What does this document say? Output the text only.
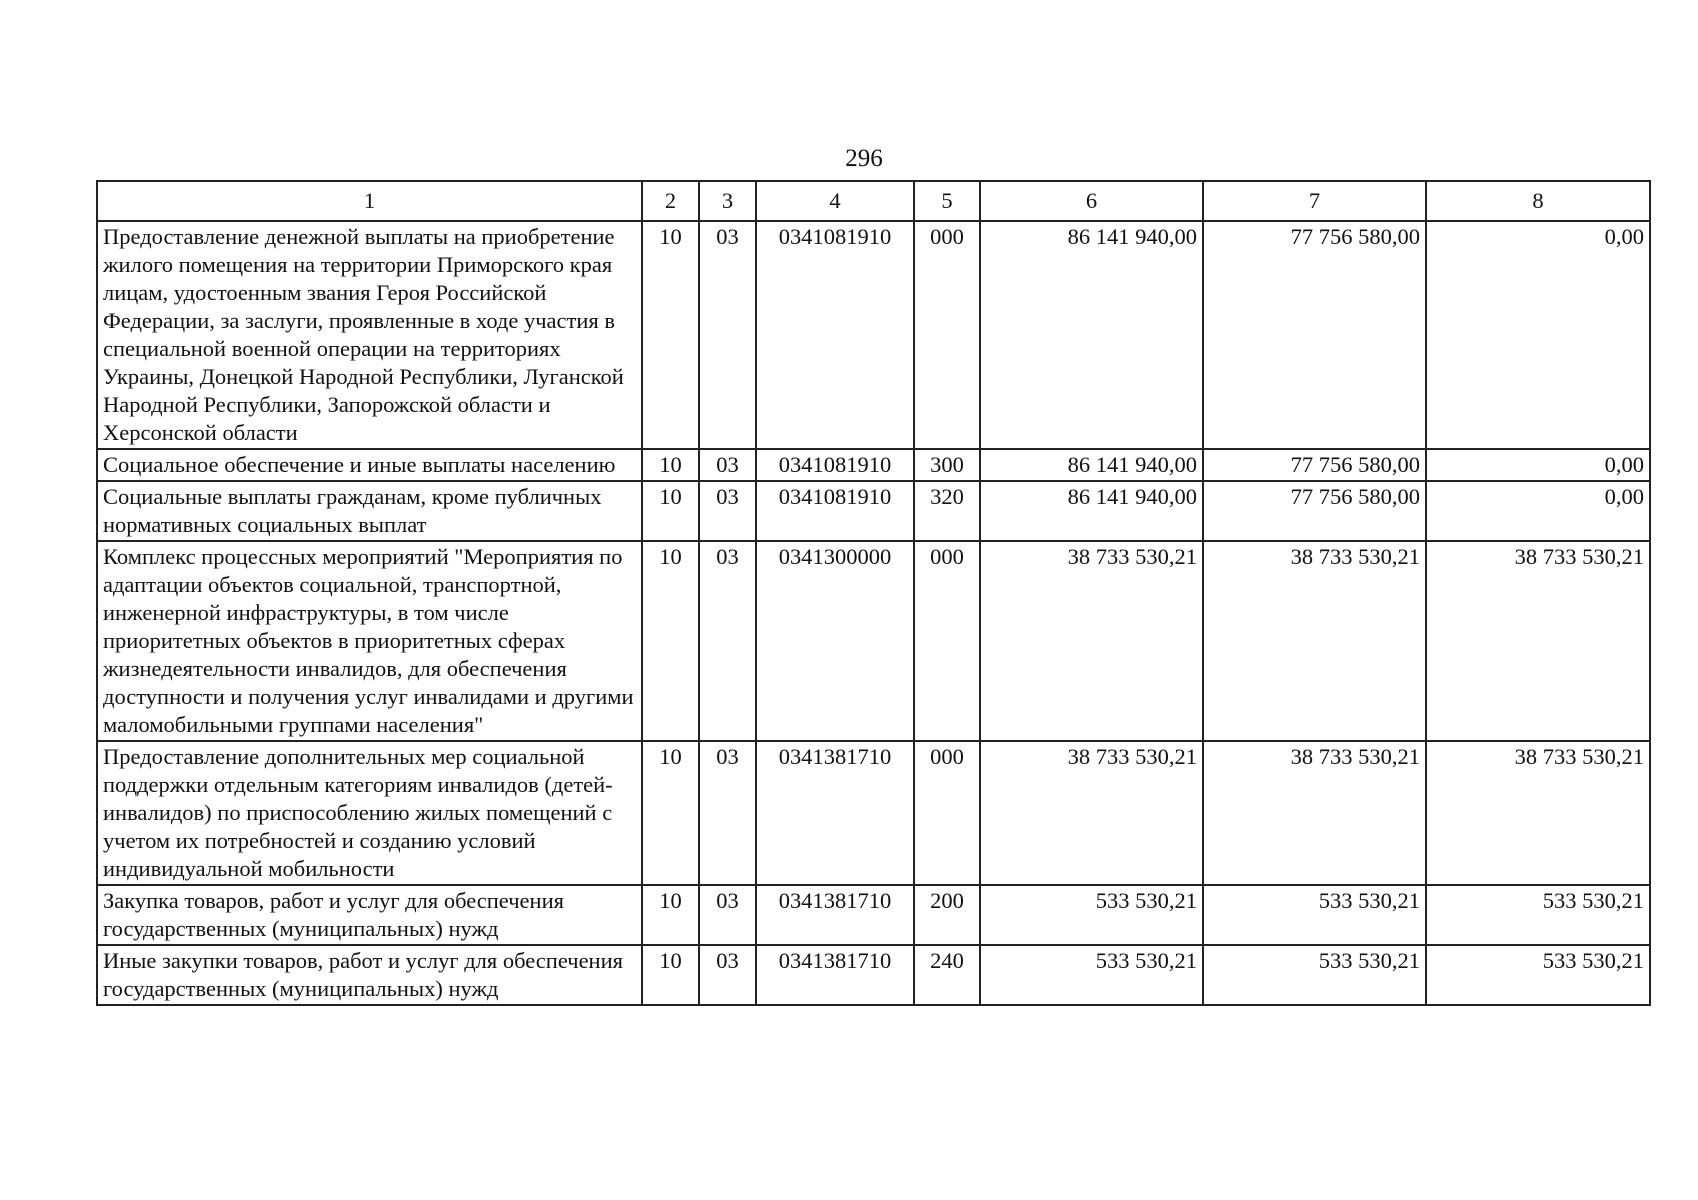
296
1	2	3	4	5	6	7	8
Предоставление денежной выплаты на приобретение жилого помещения на территории Приморского края лицам, удостоенным звания Героя Российской Федерации, за заслуги, проявленные в ходе участия в специальной военной операции на территориях Украины, Донецкой Народной Республики, Луганской Народной Республики, Запорожской области и Херсонской области	10	03	0341081910	000	86 141 940,00	77 756 580,00	0,00
Социальное обеспечение и иные выплаты населению	10	03	0341081910	300	86 141 940,00	77 756 580,00	0,00
Социальные выплаты гражданам, кроме публичных нормативных социальных выплат	10	03	0341081910	320	86 141 940,00	77 756 580,00	0,00
Комплекс процессных мероприятий "Мероприятия по адаптации объектов социальной, транспортной, инженерной инфраструктуры, в том числе приоритетных объектов в приоритетных сферах жизнедеятельности инвалидов, для обеспечения доступности и получения услуг инвалидами и другими маломобильными группами населения"	10	03	0341300000	000	38 733 530,21	38 733 530,21	38 733 530,21
Предоставление дополнительных мер социальной поддержки отдельным категориям инвалидов (детей-инвалидов) по приспособлению жилых помещений с учетом их потребностей и созданию условий индивидуальной мобильности	10	03	0341381710	000	38 733 530,21	38 733 530,21	38 733 530,21
Закупка товаров, работ и услуг для обеспечения государственных (муниципальных) нужд	10	03	0341381710	200	533 530,21	533 530,21	533 530,21
Иные закупки товаров, работ и услуг для обеспечения государственных (муниципальных) нужд	10	03	0341381710	240	533 530,21	533 530,21	533 530,21
